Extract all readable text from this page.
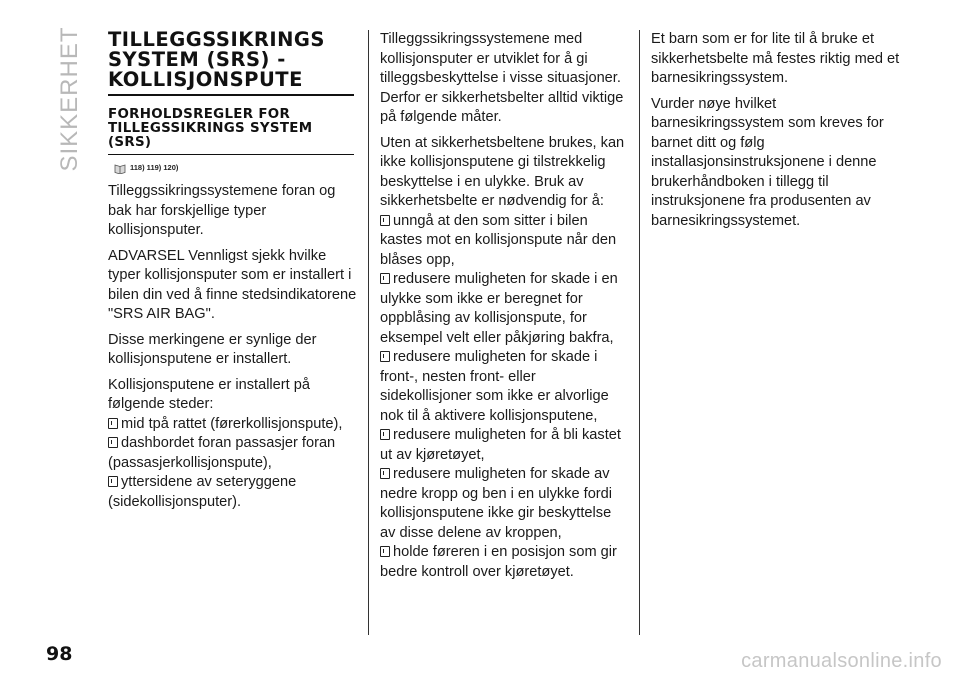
SIKKERHET TILLEGGSSIKRINGS SYSTEM (SRS) - KOLLISJONSPUTE
FORHOLDSREGLER FOR TILLEGSSIKRINGS SYSTEM (SRS)
118) 119) 120)

Tilleggssikringssystemene foran og bak har forskjellige typer kollisjonsputer.

ADVARSEL Vennligst sjekk hvilke typer kollisjonsputer som er installert i bilen din ved å finne stedsindikatorene "SRS AIR BAG".

Disse merkingene er synlige der kollisjonsputene er installert.

Kollisjonsputene er installert på følgende steder:

mid tpå rattet (førerkollisjonspute),
dashbordet foran passasjer foran (passasjerkollisjonspute),
yttersidene av seteryggene (sidekollisjonsputer).

Tilleggssikringssystemene med kollisjonsputer er utviklet for å gi tilleggsbeskyttelse i visse situasjoner. Derfor er sikkerhetsbelter alltid viktige på følgende måter.

Uten at sikkerhetsbeltene brukes, kan ikke kollisjonsputene gi tilstrekkelig beskyttelse i en ulykke. Bruk av sikkerhetsbelte er nødvendig for å:

unngå at den som sitter i bilen kastes mot en kollisjonspute når den blåses opp,
redusere muligheten for skade i en ulykke som ikke er beregnet for oppblåsing av kollisjonspute, for eksempel velt eller påkjøring bakfra,
redusere muligheten for skade i front-, nesten front- eller sidekollisjoner som ikke er alvorlige nok til å aktivere kollisjonsputene,
redusere muligheten for å bli kastet ut av kjøretøyet,
redusere muligheten for skade av nedre kropp og ben i en ulykke fordi kollisjonsputene ikke gir beskyttelse av disse delene av kroppen,
holde føreren i en posisjon som gir bedre kontroll over kjøretøyet.

Et barn som er for lite til å bruke et sikkerhetsbelte må festes riktig med et barnesikringssystem.

Vurder nøye hvilket barnesikringssystem som kreves for barnet ditt og følg installasjonsinstruksjonene i denne brukerhåndboken i tillegg til instruksjonene fra produsenten av barnesikringssystemet.

98	carmanualsonline.info
